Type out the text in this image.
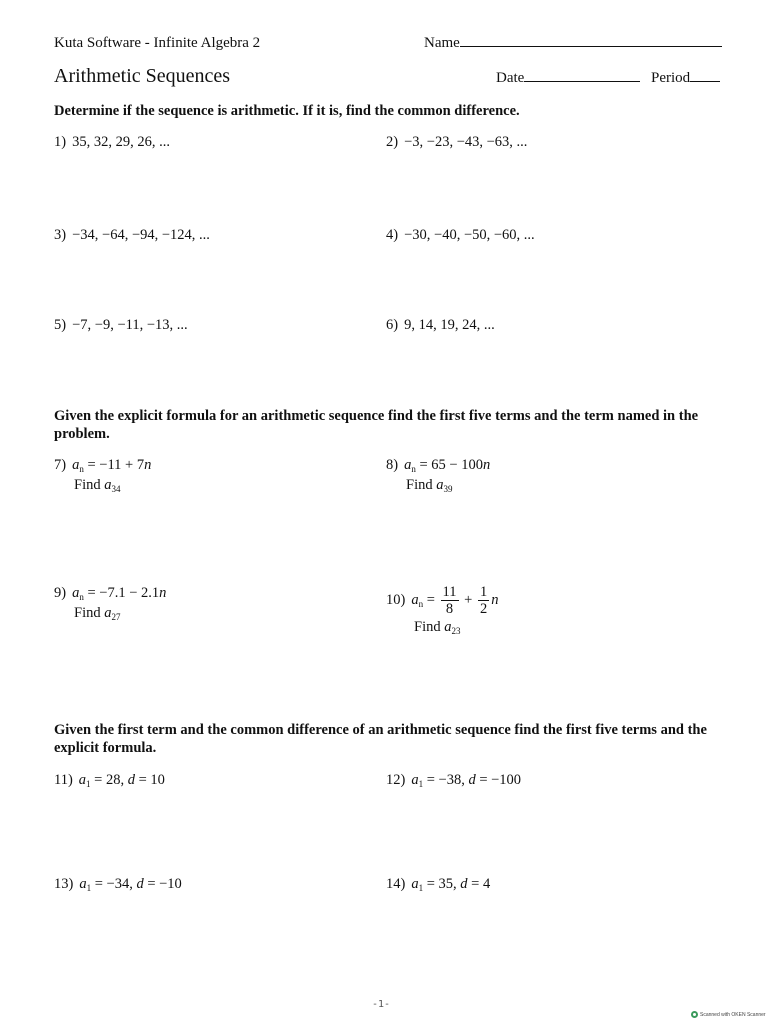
Kuta Software - Infinite Algebra 2	Name
Arithmetic Sequences	Date	Period
Determine if the sequence is arithmetic. If it is, find the common difference.
1) 35, 32, 29, 26, ...	2) −3, −23, −43, −63, ...
3) −34, −64, −94, −124, ...	4) −30, −40, −50, −60, ...
5) −7, −9, −11, −13, ...	6) 9, 14, 19, 24, ...
Given the explicit formula for an arithmetic sequence find the first five terms and the term named in the problem.
7) $a_n = -11 + 7n$
Find $a_{34}$
8) $a_n = 65 - 100n$
Find $a_{39}$
9) $a_n = -7.1 - 2.1n$
Find $a_{27}$
10) $a_n = \frac{11}{8} + \frac{1}{2}$ n
Find $a_{23}$
Given the first term and the common difference of an arithmetic sequence find the first five terms and the explicit formula.
11) $a_1 = 28$, d = 10	12) $a_1 = -38$, d = −100
13) $a_1 = -34$, d = −10	14) $a_1 = 35$, d = 4
-1-
Scanned with OKEN Scanner
